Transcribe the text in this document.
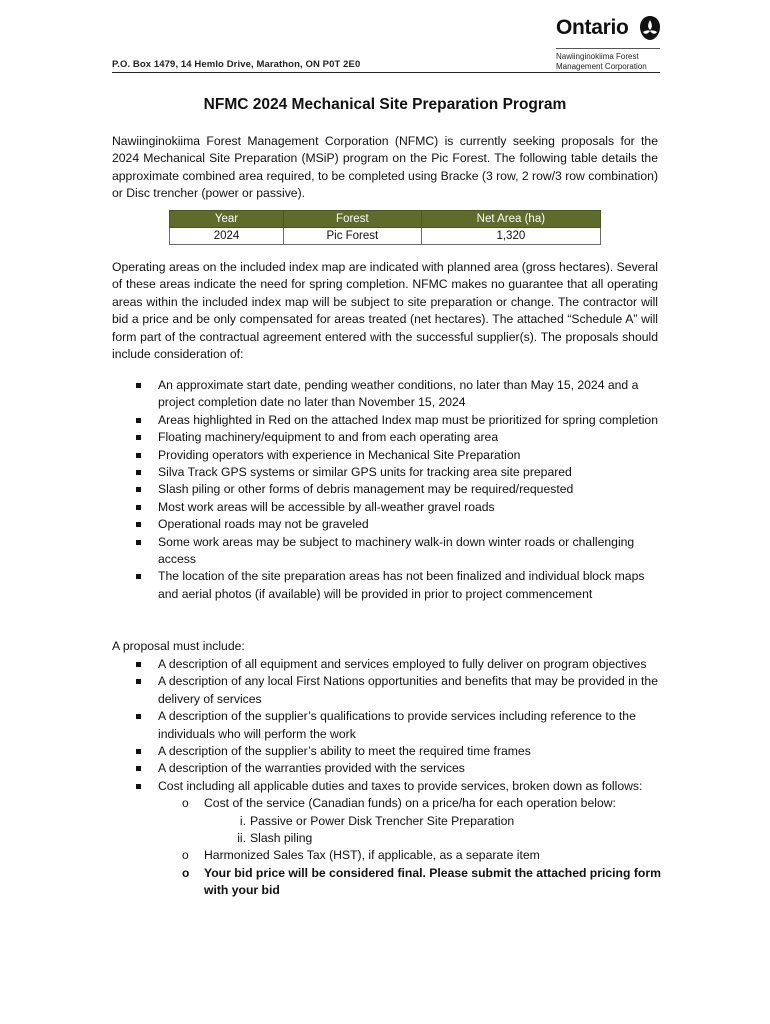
P.O. Box 1479, 14 Hemlo Drive, Marathon, ON P0T 2E0
Ontario
Nawiinginokiima Forest
Management Corporation
NFMC 2024 Mechanical Site Preparation Program

Nawiinginokiima Forest Management Corporation (NFMC) is currently seeking proposals for the 2024 Mechanical Site Preparation (MSiP) program on the Pic Forest. The following table details the approximate combined area required, to be completed using Bracke (3 row, 2 row/3 row combination) or Disc trencher (power or passive).

Year	Forest	Net Area (ha)
2024	Pic Forest	1,320

Operating areas on the included index map are indicated with planned area (gross hectares). Several of these areas indicate the need for spring completion. NFMC makes no guarantee that all operating areas within the included index map will be subject to site preparation or change. The contractor will bid a price and be only compensated for areas treated (net hectares). The attached “Schedule A” will form part of the contractual agreement entered with the successful supplier(s). The proposals should include consideration of:

An approximate start date, pending weather conditions, no later than May 15, 2024 and a project completion date no later than November 15, 2024
Areas highlighted in Red on the attached Index map must be prioritized for spring completion
Floating machinery/equipment to and from each operating area
Providing operators with experience in Mechanical Site Preparation
Silva Track GPS systems or similar GPS units for tracking area site prepared
Slash piling or other forms of debris management may be required/requested
Most work areas will be accessible by all-weather gravel roads
Operational roads may not be graveled
Some work areas may be subject to machinery walk-in down winter roads or challenging access
The location of the site preparation areas has not been finalized and individual block maps and aerial photos (if available) will be provided in prior to project commencement
A proposal must include:
A description of all equipment and services employed to fully deliver on program objectives
A description of any local First Nations opportunities and benefits that may be provided in the delivery of services
A description of the supplier’s qualifications to provide services including reference to the individuals who will perform the work
A description of the supplier’s ability to meet the required time frames
A description of the warranties provided with the services
Cost including all applicable duties and taxes to provide services, broken down as follows:
o Cost of the service (Canadian funds) on a price/ha for each operation below:
i. Passive or Power Disk Trencher Site Preparation
ii. Slash piling
o Harmonized Sales Tax (HST), if applicable, as a separate item
o Your bid price will be considered final. Please submit the attached pricing form with your bid
